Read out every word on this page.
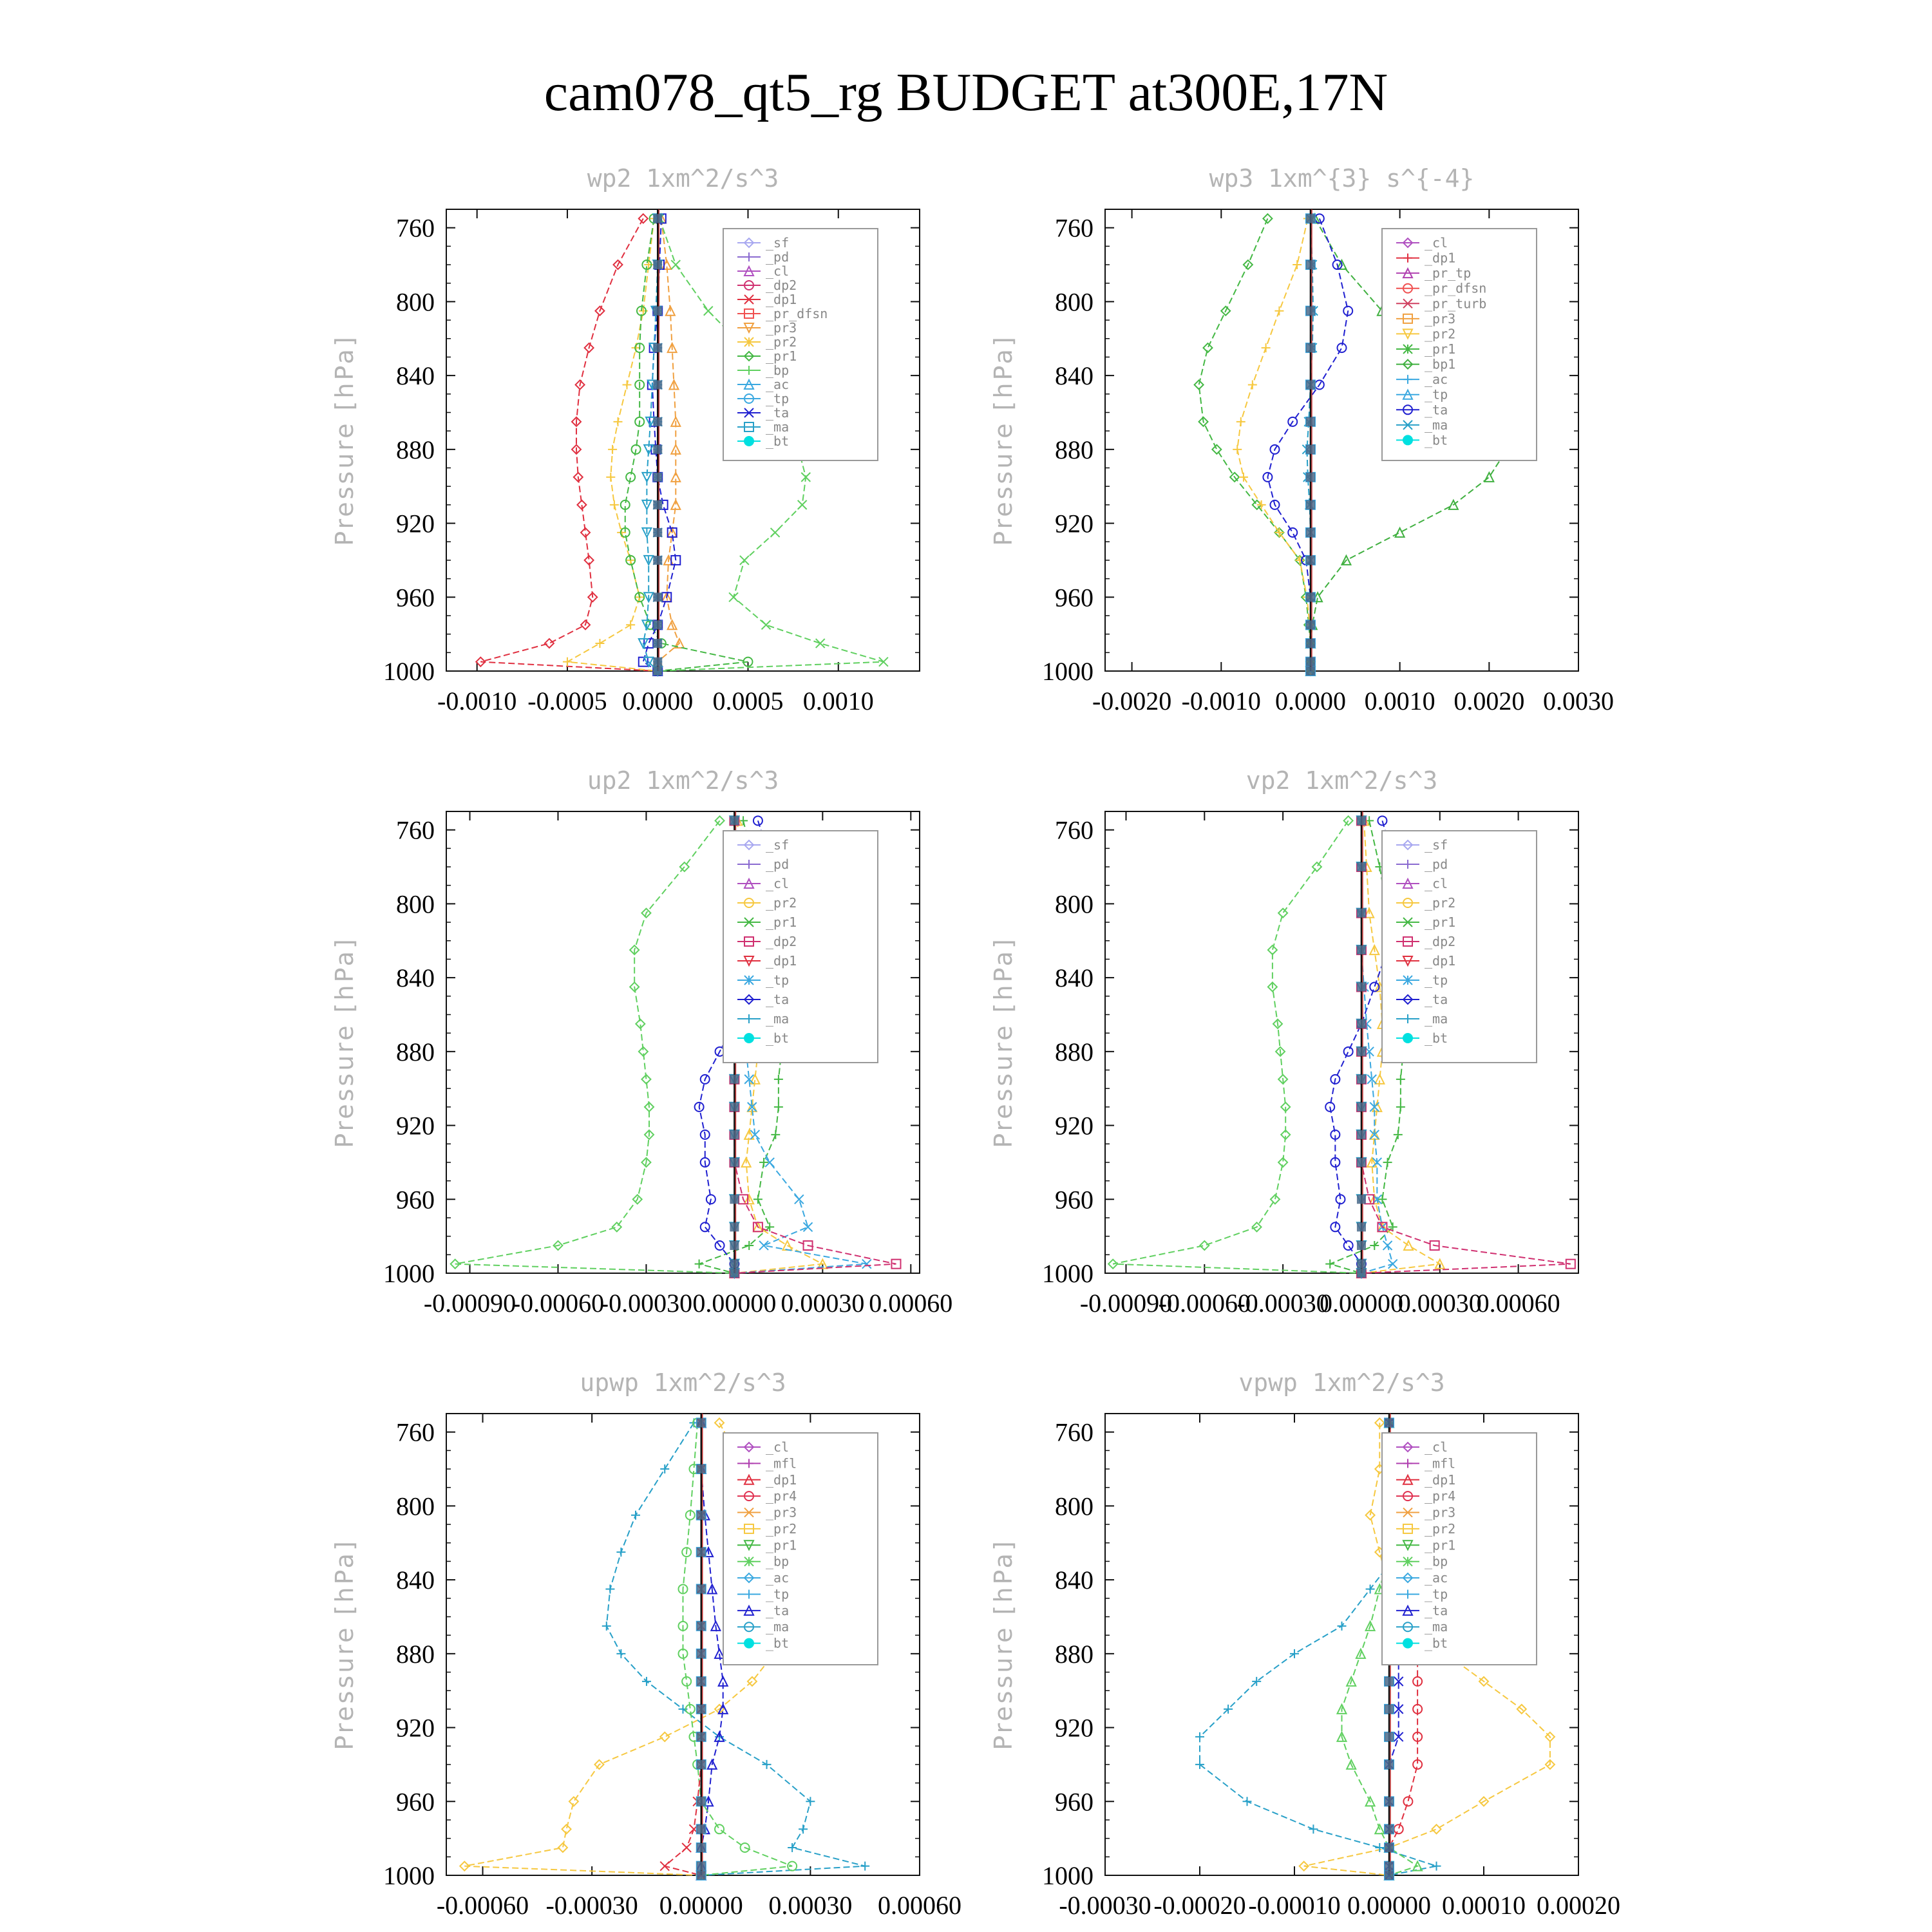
cam078_qt5_rg BUDGET at300E,17N
wp2 1xm^2/s^3
Pressure [hPa]
760
800
840
880
920
960
1000
-0.0010 -0.0005 0.0000 0.0005 0.0010
_sf
_pd
_cl
_dp2
_dp1
_pr_dfsn
_pr3
_pr2
_pr1
_bp
_ac
_tp
_ta
_ma
_bt
wp3 1xm^{3} s^{-4}
Pressure [hPa]
760
800
840
880
920
960
1000
-0.0020 -0.0010 0.0000 0.0010 0.0020 0.0030
_cl
_dp1
_pr_tp
_pr_dfsn
_pr_turb
_pr3
_pr2
_pr1
_bp1
_ac
_tp
_ta
_ma
_bt
up2 1xm^2/s^3
Pressure [hPa]
760
800
840
880
920
960
1000
-0.00090
-0.00060
-0.00030 0.00000 0.00030 0.00060
_sf
_pd
_cl
_pr2
_pr1
_dp2
_dp1
_tp
_ta
_ma
_bt
vp2 1xm^2/s^3
Pressure [hPa]
760
800
840
880
920
960
1000
-0.00090
-0.00060
-0.00030
0.00000
0.00030
0.00060
_sf
_pd
_cl
_pr2
_pr1
_dp2
_dp1
_tp
_ta
_ma
_bt
upwp 1xm^2/s^3
Pressure [hPa]
760
800
840
880
920
960
1000
-0.00060 -0.00030 0.00000 0.00030 0.00060
_cl
_mfl
_dp1
_pr4
_pr3
_pr2
_pr1
_bp
_ac
_tp
_ta
_ma
_bt
vpwp 1xm^2/s^3
Pressure [hPa]
760
800
840
880
920
960
1000
-0.00030 -0.00020 -0.00010 0.00000 0.00010 0.00020
_cl
_mfl
_dp1
_pr4
_pr3
_pr2
_pr1
_bp
_ac
_tp
_ta
_ma
_bt
